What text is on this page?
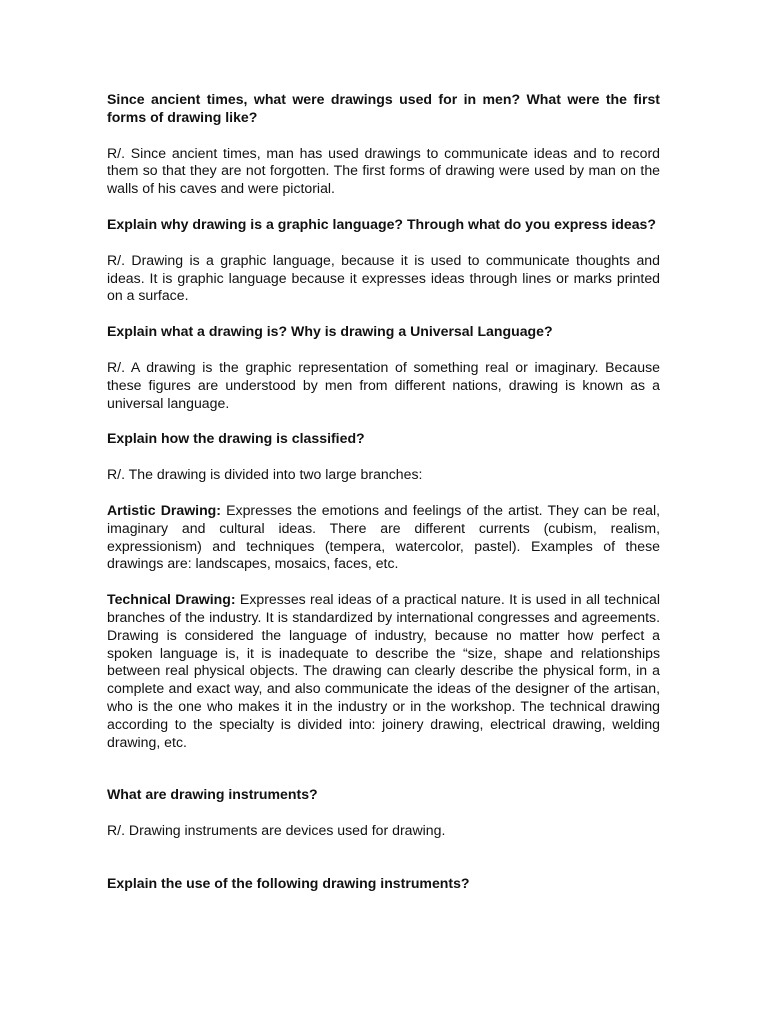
Since ancient times, what were drawings used for in men? What were the first forms of drawing like?

R/. Since ancient times, man has used drawings to communicate ideas and to record them so that they are not forgotten. The first forms of drawing were used by man on the walls of his caves and were pictorial.

Explain why drawing is a graphic language? Through what do you express ideas?

R/. Drawing is a graphic language, because it is used to communicate thoughts and ideas. It is graphic language because it expresses ideas through lines or marks printed on a surface.

Explain what a drawing is? Why is drawing a Universal Language?

R/. A drawing is the graphic representation of something real or imaginary. Because these figures are understood by men from different nations, drawing is known as a universal language.

Explain how the drawing is classified?

R/. The drawing is divided into two large branches:

Artistic Drawing: Expresses the emotions and feelings of the artist. They can be real, imaginary and cultural ideas. There are different currents (cubism, realism, expressionism) and techniques (tempera, watercolor, pastel). Examples of these drawings are: landscapes, mosaics, faces, etc.

Technical Drawing: Expresses real ideas of a practical nature. It is used in all technical branches of the industry. It is standardized by international congresses and agreements. Drawing is considered the language of industry, because no matter how perfect a spoken language is, it is inadequate to describe the “size, shape and relationships between real physical objects. The drawing can clearly describe the physical form, in a complete and exact way, and also communicate the ideas of the designer of the artisan, who is the one who makes it in the industry or in the workshop. The technical drawing according to the specialty is divided into: joinery drawing, electrical drawing, welding drawing, etc.

What are drawing instruments?

R/. Drawing instruments are devices used for drawing.

Explain the use of the following drawing instruments?
